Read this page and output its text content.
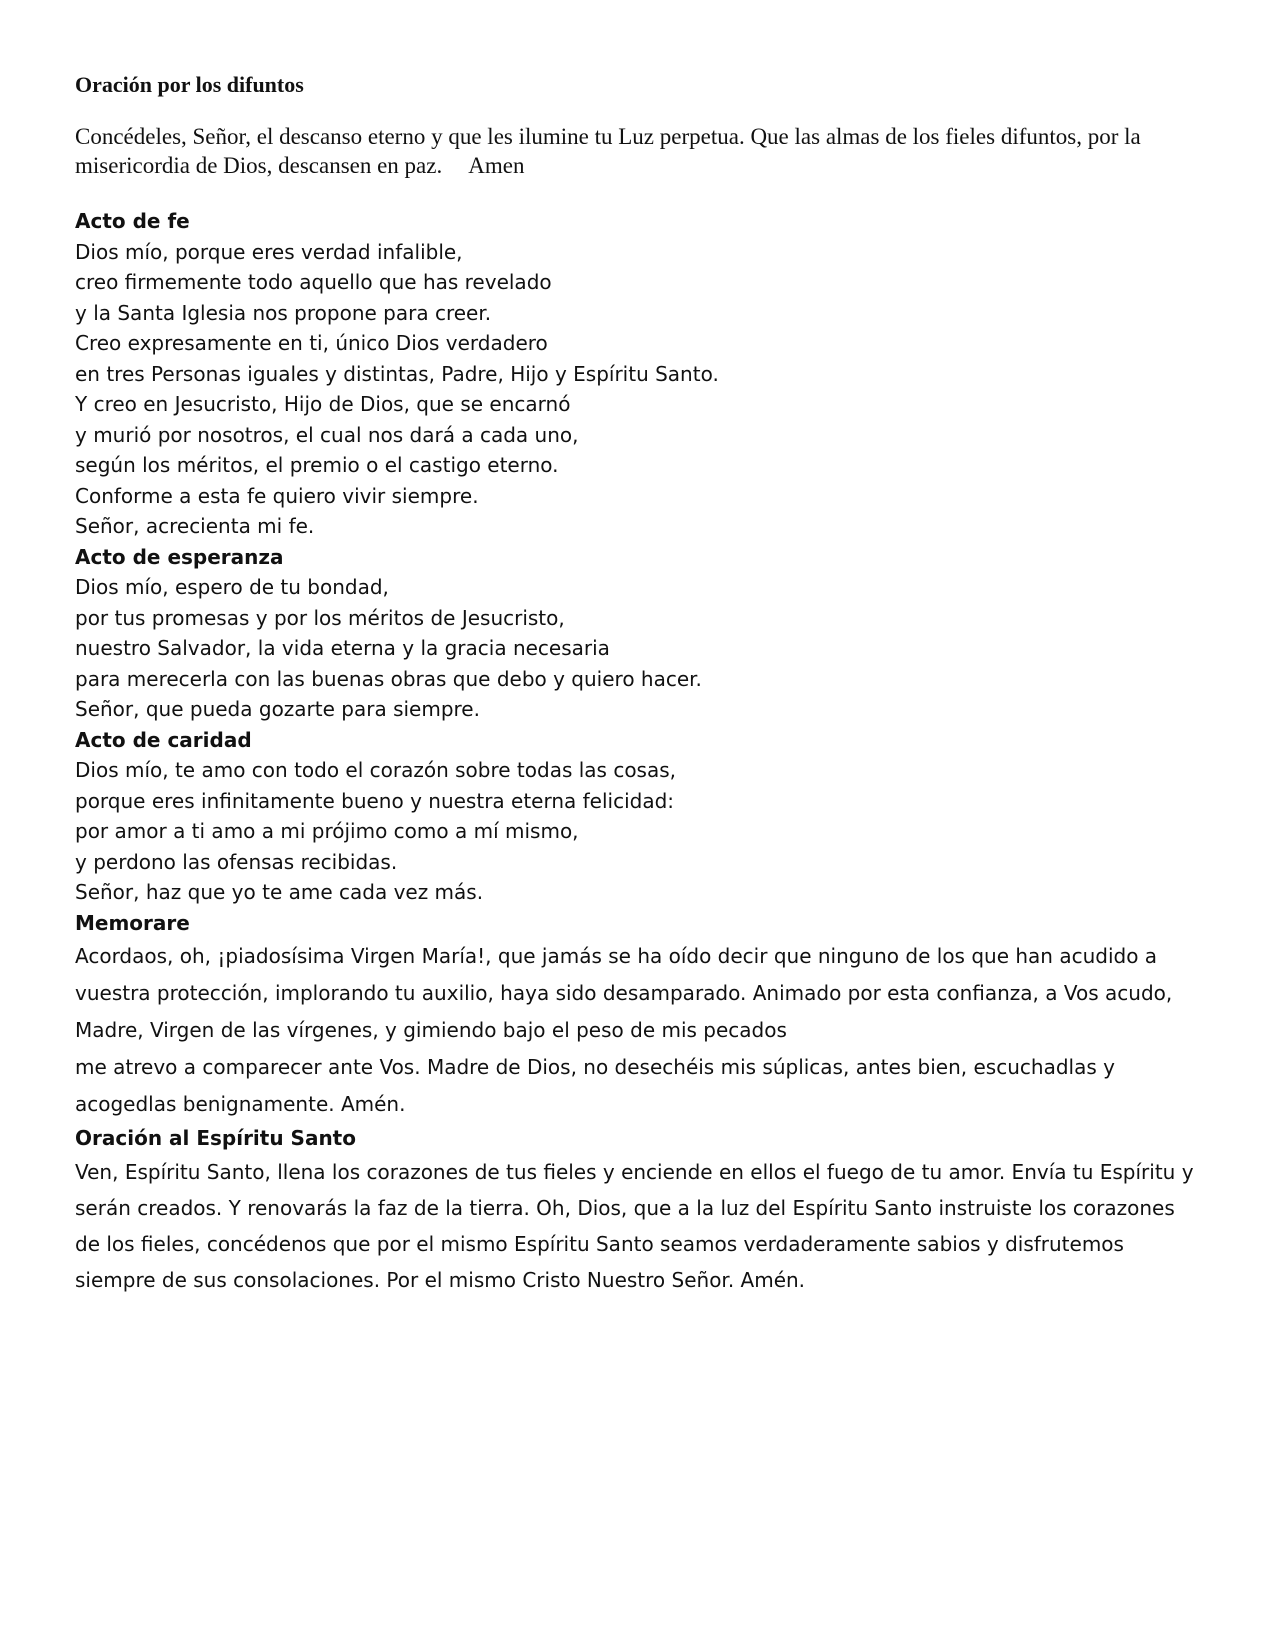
Oración por los difuntos

Concédeles, Señor, el descanso eterno y que les ilumine tu Luz perpetua. Que las almas de los fieles difuntos, por la misericordia de Dios, descansen en paz. Amen

Acto de fe
Dios mío, porque eres verdad infalible,
creo firmemente todo aquello que has revelado
y la Santa Iglesia nos propone para creer.
Creo expresamente en ti, único Dios verdadero
en tres Personas iguales y distintas, Padre, Hijo y Espíritu Santo.
Y creo en Jesucristo, Hijo de Dios, que se encarnó
y murió por nosotros, el cual nos dará a cada uno,
según los méritos, el premio o el castigo eterno.
Conforme a esta fe quiero vivir siempre.
Señor, acrecienta mi fe.
Acto de esperanza
Dios mío, espero de tu bondad,
por tus promesas y por los méritos de Jesucristo,
nuestro Salvador, la vida eterna y la gracia necesaria
para merecerla con las buenas obras que debo y quiero hacer.
Señor, que pueda gozarte para siempre.
Acto de caridad
Dios mío, te amo con todo el corazón sobre todas las cosas,
porque eres infinitamente bueno y nuestra eterna felicidad:
por amor a ti amo a mi prójimo como a mí mismo,
y perdono las ofensas recibidas.
Señor, haz que yo te ame cada vez más.
Memorare
Acordaos, oh, ¡piadosísima Virgen María!, que jamás se ha oído decir que ninguno de los que han acudido a vuestra protección, implorando tu auxilio, haya sido desamparado. Animado por esta confianza, a Vos acudo, Madre, Virgen de las vírgenes, y gimiendo bajo el peso de mis pecados
me atrevo a comparecer ante Vos. Madre de Dios, no desechéis mis súplicas, antes bien, escuchadlas y acogedlas benignamente. Amén.
Oración al Espíritu Santo

Ven, Espíritu Santo, llena los corazones de tus fieles y enciende en ellos el fuego de tu amor. Envía tu Espíritu y serán creados. Y renovarás la faz de la tierra. Oh, Dios, que a la luz del Espíritu Santo instruiste los corazones de los fieles, concédenos que por el mismo Espíritu Santo seamos verdaderamente sabios y disfrutemos siempre de sus consolaciones. Por el mismo Cristo Nuestro Señor. Amén.
